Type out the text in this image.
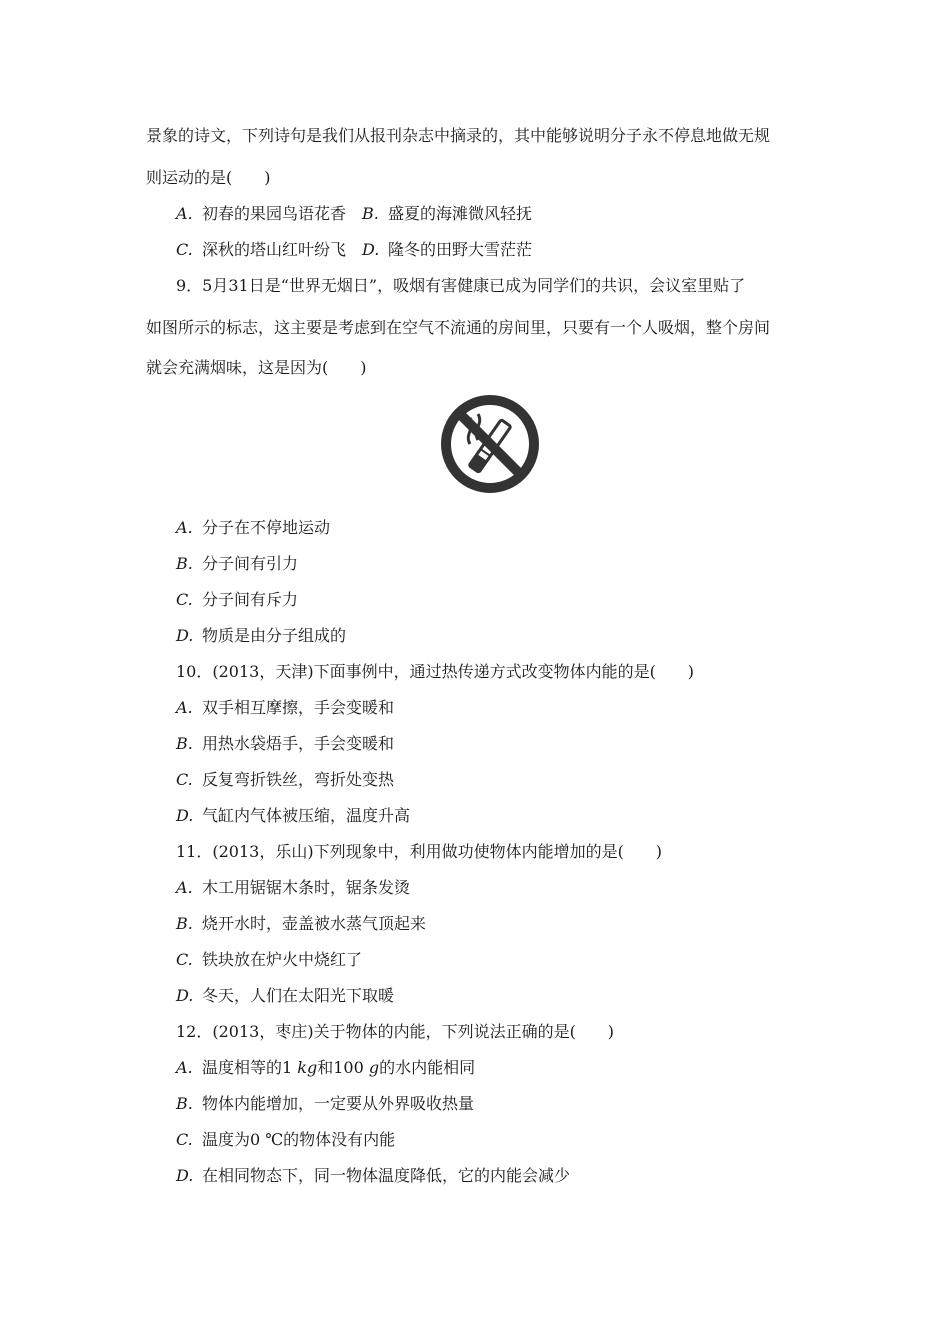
景象的诗文，下列诗句是我们从报刊杂志中摘录的，其中能够说明分子永不停息地做无规
则运动的是(　　)
A. 初春的果园鸟语花香 B. 盛夏的海滩微风轻抚
C. 深秋的塔山红叶纷飞 D. 隆冬的田野大雪茫茫
9．5月31日是“世界无烟日”，吸烟有害健康已成为同学们的共识，会议室里贴了
如图所示的标志，这主要是考虑到在空气不流通的房间里，只要有一个人吸烟，整个房间
就会充满烟味，这是因为(　　)
A. 分子在不停地运动
B. 分子间有引力
C. 分子间有斥力
D. 物质是由分子组成的
10．(2013，天津)下面事例中，通过热传递方式改变物体内能的是(　　)
A. 双手相互摩擦，手会变暖和
B. 用热水袋焐手，手会变暖和
C. 反复弯折铁丝，弯折处变热
D. 气缸内气体被压缩，温度升高
11．(2013，乐山)下列现象中，利用做功使物体内能增加的是(　　)
A. 木工用锯锯木条时，锯条发烫
B. 烧开水时，壶盖被水蒸气顶起来
C. 铁块放在炉火中烧红了
D. 冬天，人们在太阳光下取暖
12．(2013，枣庄)关于物体的内能，下列说法正确的是(　　)
A. 温度相等的1 kg和100 g的水内能相同
B. 物体内能增加，一定要从外界吸收热量
C. 温度为0 ℃的物体没有内能
D. 在相同物态下，同一物体温度降低，它的内能会减少
